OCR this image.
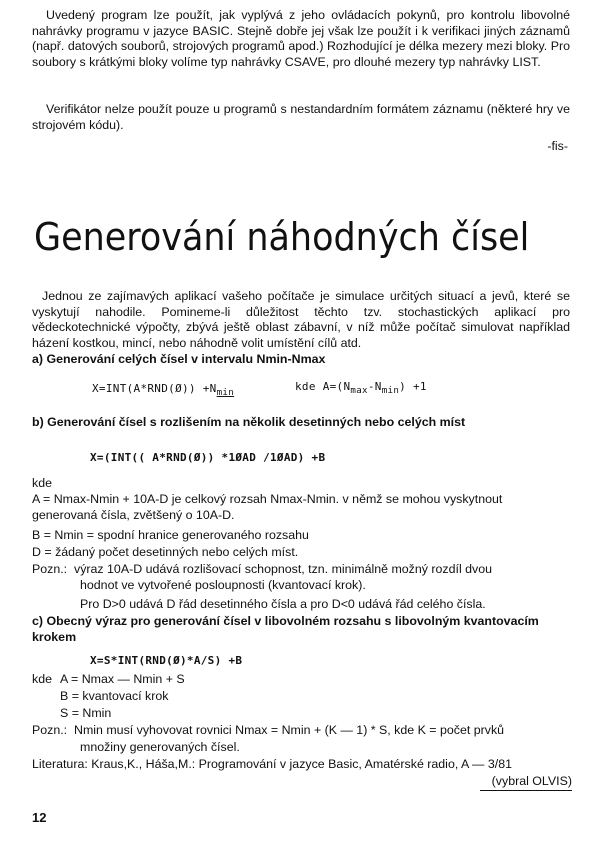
Uvedený program lze použít, jak vyplývá z jeho ovládacích pokynů, pro kontrolu libovolné nahrávky programu v jazyce BASIC. Stejně dobře jej však lze použít i k verifikaci jiných záznamů (např. datových souborů, strojových programů apod.) Rozhodující je délka mezery mezi bloky. Pro soubory s krátkými bloky volíme typ nahrávky CSAVE, pro dlouhé mezery typ nahrávky LIST.
Verifikátor nelze použít pouze u programů s nestandardním formátem záznamu (některé hry ve strojovém kódu).
-fis-
Generování náhodných čísel
Jednou ze zajímavých aplikací vašeho počítače je simulace určitých situací a jevů, které se vyskytují nahodile. Pomineme-li důležitost těchto tzv. stochastických aplikací pro vědeckotechnické výpočty, zbývá ještě oblast zábavní, v níž může počítač simulovat například házení kostkou, mincí, nebo náhodně volit umístění cílů atd.
a) Generování celých čísel v intervalu Nmin-Nmax
X=INT(A*RND(Ø)) $+N_{min}$	kde $A=(N_{max}-N_{min}) +1$
b) Generování čísel s rozlišením na několik desetinných nebo celých míst
X=(INT(( A*RND(Ø)) *1ØAD /1ØAD) +B
kde
A = Nmax-Nmin + 10A-D je celkový rozsah Nmax-Nmin. v němž se mohou vyskytnout
generovaná čísla, zvětšený o 10A-D.
B = Nmin = spodní hranice generovaného rozsahu
D = žádaný počet desetinných nebo celých míst.
Pozn.: výraz 10A-D udává rozlišovací schopnost, tzn. minimálně možný rozdíl dvou
hodnot ve vytvořené posloupnosti (kvantovací krok).
Pro D>0 udává D řád desetinného čísla a pro D<0 udává řád celého čísla.
c) Obecný výraz pro generování čísel v libovolném rozsahu s libovolným kvantovacím
krokem
X=S*INT(RND(Ø)*A/S) +B
kde A = Nmax — Nmin + S
B = kvantovací krok
S = Nmin
Pozn.: Nmin musí vyhovovat rovnici Nmax = Nmin + (K — 1) * S, kde K = počet prvků
množiny generovaných čísel.
Literatura: Kraus,K., Háša,M.: Programování v jazyce Basic, Amatérské radio, A — 3/81
(vybral OLVIS)
12
